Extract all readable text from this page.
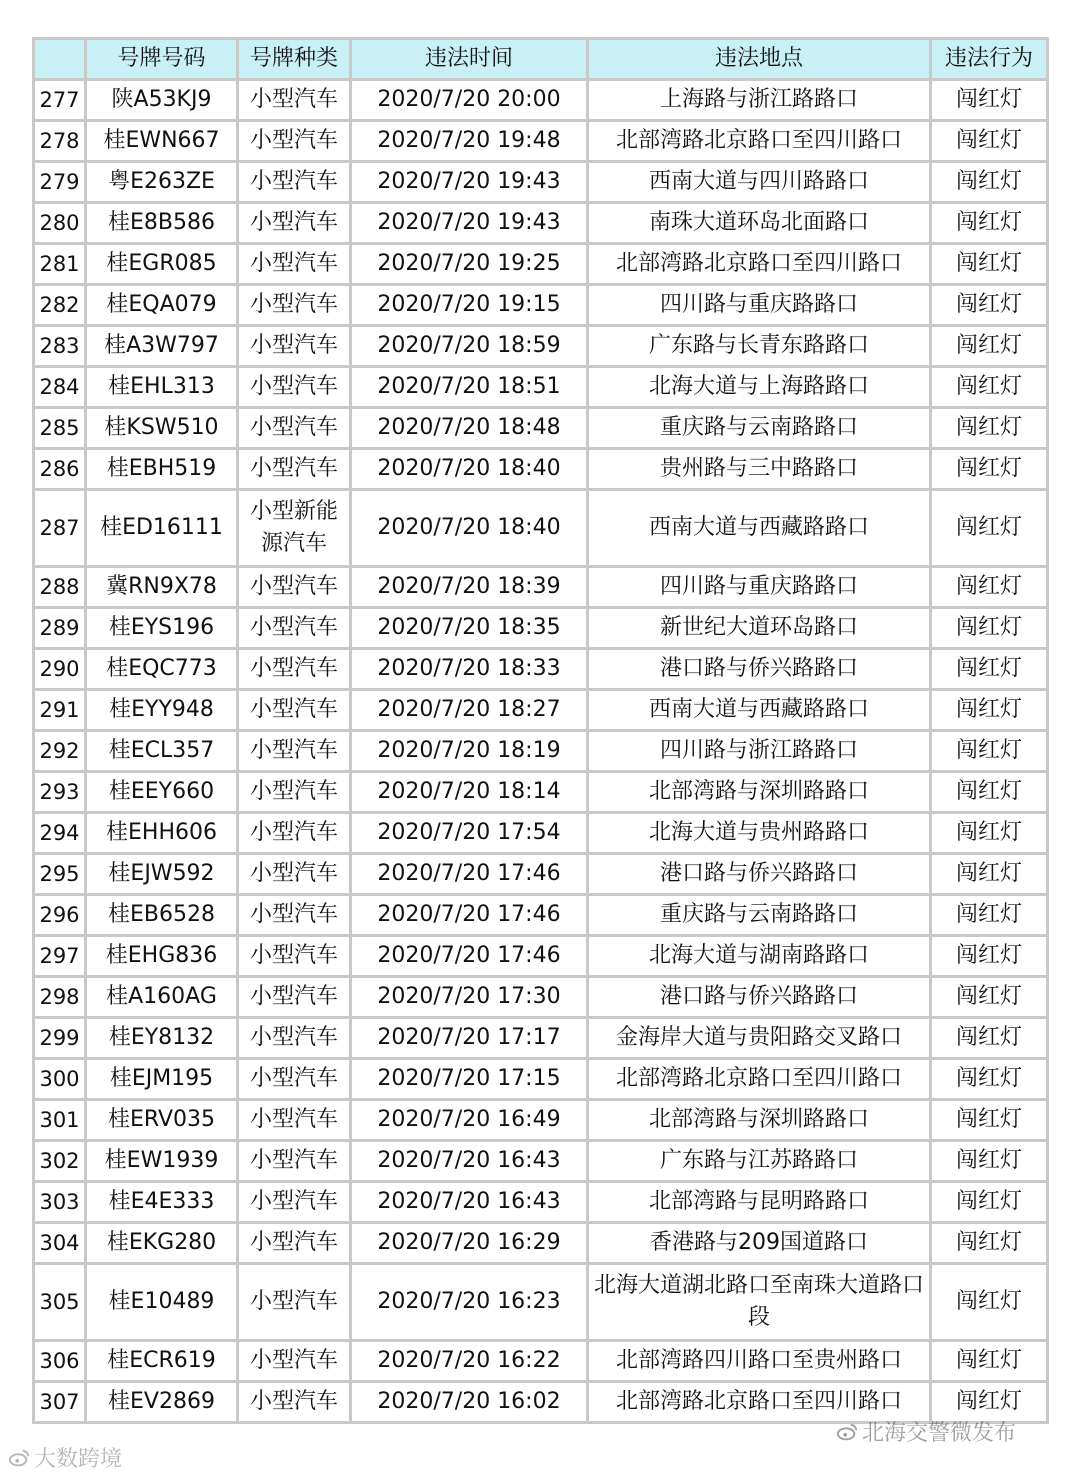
	号牌号码	号牌种类	违法时间	违法地点	违法行为
277	陕A53KJ9	小型汽车	2020/7/20 20:00	上海路与浙江路路口	闯红灯
278	桂EWN667	小型汽车	2020/7/20 19:48	北部湾路北京路口至四川路口	闯红灯
279	粤E263ZE	小型汽车	2020/7/20 19:43	西南大道与四川路路口	闯红灯
280	桂E8B586	小型汽车	2020/7/20 19:43	南珠大道环岛北面路口	闯红灯
281	桂EGR085	小型汽车	2020/7/20 19:25	北部湾路北京路口至四川路口	闯红灯
282	桂EQA079	小型汽车	2020/7/20 19:15	四川路与重庆路路口	闯红灯
283	桂A3W797	小型汽车	2020/7/20 18:59	广东路与长青东路路口	闯红灯
284	桂EHL313	小型汽车	2020/7/20 18:51	北海大道与上海路路口	闯红灯
285	桂KSW510	小型汽车	2020/7/20 18:48	重庆路与云南路路口	闯红灯
286	桂EBH519	小型汽车	2020/7/20 18:40	贵州路与三中路路口	闯红灯
287	桂ED16111	小型新能源汽车	2020/7/20 18:40	西南大道与西藏路路口	闯红灯
288	冀RN9X78	小型汽车	2020/7/20 18:39	四川路与重庆路路口	闯红灯
289	桂EYS196	小型汽车	2020/7/20 18:35	新世纪大道环岛路口	闯红灯
290	桂EQC773	小型汽车	2020/7/20 18:33	港口路与侨兴路路口	闯红灯
291	桂EYY948	小型汽车	2020/7/20 18:27	西南大道与西藏路路口	闯红灯
292	桂ECL357	小型汽车	2020/7/20 18:19	四川路与浙江路路口	闯红灯
293	桂EEY660	小型汽车	2020/7/20 18:14	北部湾路与深圳路路口	闯红灯
294	桂EHH606	小型汽车	2020/7/20 17:54	北海大道与贵州路路口	闯红灯
295	桂EJW592	小型汽车	2020/7/20 17:46	港口路与侨兴路路口	闯红灯
296	桂EB6528	小型汽车	2020/7/20 17:46	重庆路与云南路路口	闯红灯
297	桂EHG836	小型汽车	2020/7/20 17:46	北海大道与湖南路路口	闯红灯
298	桂A160AG	小型汽车	2020/7/20 17:30	港口路与侨兴路路口	闯红灯
299	桂EY8132	小型汽车	2020/7/20 17:17	金海岸大道与贵阳路交叉路口	闯红灯
300	桂EJM195	小型汽车	2020/7/20 17:15	北部湾路北京路口至四川路口	闯红灯
301	桂ERV035	小型汽车	2020/7/20 16:49	北部湾路与深圳路路口	闯红灯
302	桂EW1939	小型汽车	2020/7/20 16:43	广东路与江苏路路口	闯红灯
303	桂E4E333	小型汽车	2020/7/20 16:43	北部湾路与昆明路路口	闯红灯
304	桂EKG280	小型汽车	2020/7/20 16:29	香港路与209国道路口	闯红灯
305	桂E10489	小型汽车	2020/7/20 16:23	北海大道湖北路口至南珠大道路口段	闯红灯
306	桂ECR619	小型汽车	2020/7/20 16:22	北部湾路四川路口至贵州路口	闯红灯
307	桂EV2869	小型汽车	2020/7/20 16:02	北部湾路北京路口至四川路口	闯红灯
大数跨境
北海交警微发布
